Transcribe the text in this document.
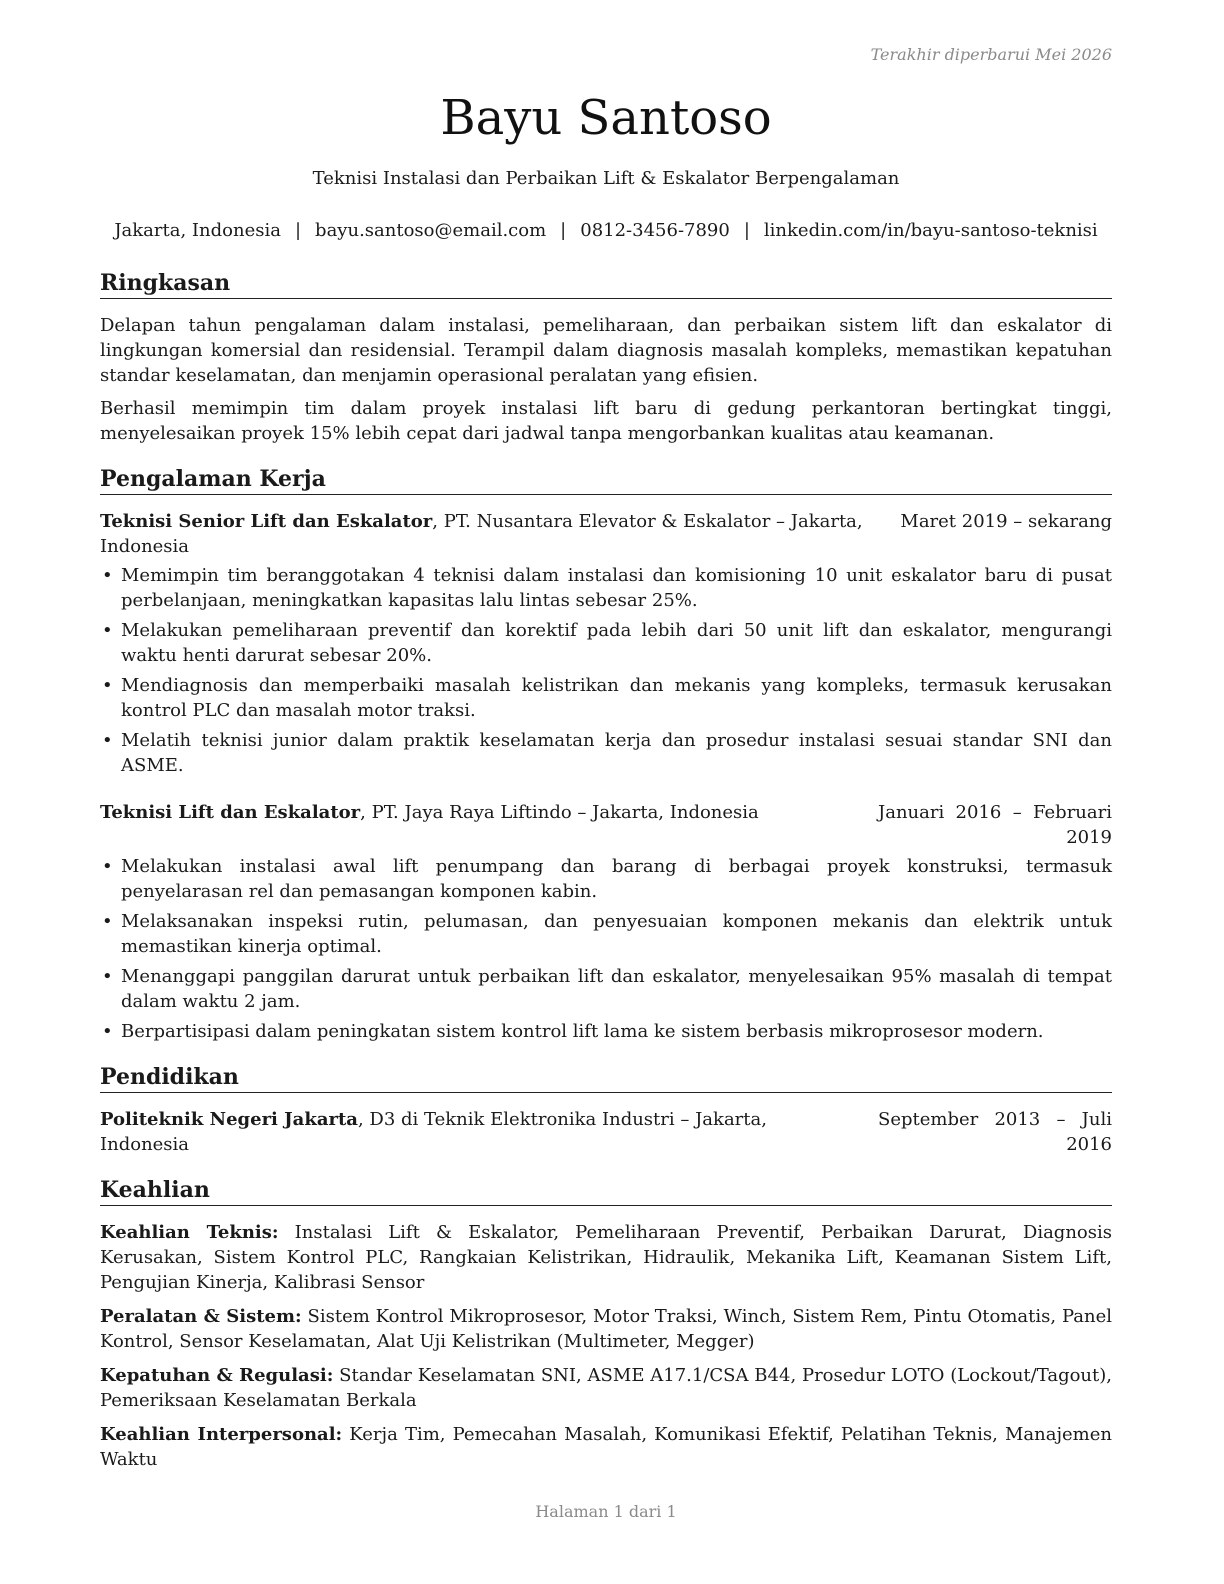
Terakhir diperbarui Mei 2026
Bayu Santoso
Teknisi Instalasi dan Perbaikan Lift & Eskalator Berpengalaman
Jakarta, Indonesia | bayu.santoso@email.com | 0812-3456-7890 | linkedin.com/in/bayu-santoso-teknisi
Ringkasan

Delapan tahun pengalaman dalam instalasi, pemeliharaan, dan perbaikan sistem lift dan eskalator di lingkungan komersial dan residensial. Terampil dalam diagnosis masalah kompleks, memastikan kepatuhan standar keselamatan, dan menjamin operasional peralatan yang efisien.

Berhasil memimpin tim dalam proyek instalasi lift baru di gedung perkantoran bertingkat tinggi, menyelesaikan proyek 15% lebih cepat dari jadwal tanpa mengorbankan kualitas atau keamanan.

Pengalaman Kerja
Teknisi Senior Lift dan Eskalator, PT. Nusantara Elevator & Eskalator – Jakarta, Indonesia
Maret 2019 – sekarang
• Memimpin tim beranggotakan 4 teknisi dalam instalasi dan komisioning 10 unit eskalator baru di pusat perbelanjaan, meningkatkan kapasitas lalu lintas sebesar 25%.
• Melakukan pemeliharaan preventif dan korektif pada lebih dari 50 unit lift dan eskalator, mengurangi waktu henti darurat sebesar 20%.
• Mendiagnosis dan memperbaiki masalah kelistrikan dan mekanis yang kompleks, termasuk kerusakan kontrol PLC dan masalah motor traksi.
• Melatih teknisi junior dalam praktik keselamatan kerja dan prosedur instalasi sesuai standar SNI dan ASME.
Teknisi Lift dan Eskalator, PT. Jaya Raya Liftindo – Jakarta, Indonesia	Januari 2016 – Februari 2019
• Melakukan instalasi awal lift penumpang dan barang di berbagai proyek konstruksi, termasuk penyelarasan rel dan pemasangan komponen kabin.
• Melaksanakan inspeksi rutin, pelumasan, dan penyesuaian komponen mekanis dan elektrik untuk memastikan kinerja optimal.
• Menanggapi panggilan darurat untuk perbaikan lift dan eskalator, menyelesaikan 95% masalah di tempat dalam waktu 2 jam.
• Berpartisipasi dalam peningkatan sistem kontrol lift lama ke sistem berbasis mikroprosesor modern.
Pendidikan
Politeknik Negeri Jakarta, D3 di Teknik Elektronika Industri – Jakarta, Indonesia
September 2013 – Juli 2016
Keahlian

Keahlian Teknis: Instalasi Lift & Eskalator, Pemeliharaan Preventif, Perbaikan Darurat, Diagnosis Kerusakan, Sistem Kontrol PLC, Rangkaian Kelistrikan, Hidraulik, Mekanika Lift, Keamanan Sistem Lift, Pengujian Kinerja, Kalibrasi Sensor

Peralatan & Sistem: Sistem Kontrol Mikroprosesor, Motor Traksi, Winch, Sistem Rem, Pintu Otomatis, Panel Kontrol, Sensor Keselamatan, Alat Uji Kelistrikan (Multimeter, Megger)

Kepatuhan & Regulasi: Standar Keselamatan SNI, ASME A17.1/CSA B44, Prosedur LOTO (Lockout/Tagout), Pemeriksaan Keselamatan Berkala

Keahlian Interpersonal: Kerja Tim, Pemecahan Masalah, Komunikasi Efektif, Pelatihan Teknis, Manajemen Waktu

Halaman 1 dari 1
